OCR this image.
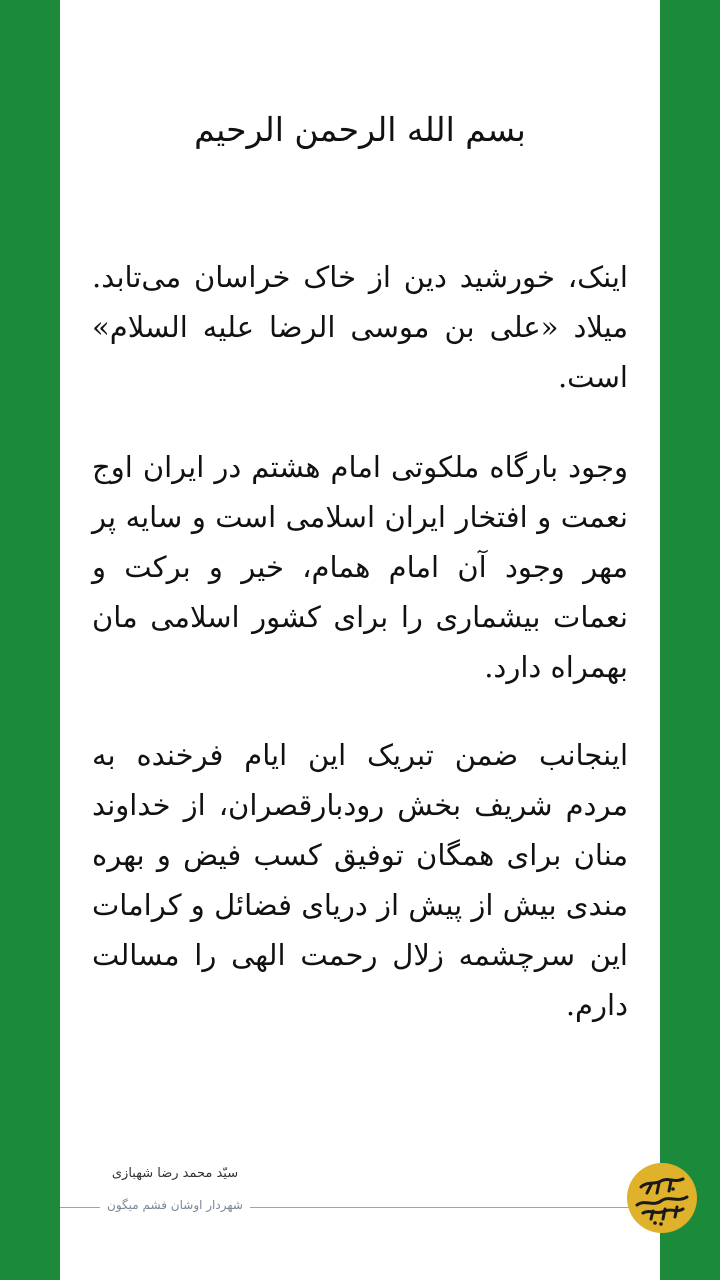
بسم الله الرحمن الرحیم

اینک، خورشید دین از خاک خراسان می‌تابد. میلاد «علی بن موسی الرضا علیه السلام» است.

وجود بارگاه ملکوتی امام هشتم در ایران اوج نعمت و افتخار ایران اسلامی است و سایه پر مهر وجود آن امام همام، خیر و برکت و نعمات بیشماری را برای کشور اسلامی مان بهمراه دارد.

اینجانب ضمن تبریک این ایام فرخنده به مردم شریف بخش رودبارقصران، از خداوند منان برای همگان توفیق کسب فیض و بهره مندی بیش از پیش از دریای فضائل و کرامات این سرچشمه زلال رحمت الهی را مسالت دارم.

سیّد محمد رضا شهبازی
شهردار اوشان فشم میگون
